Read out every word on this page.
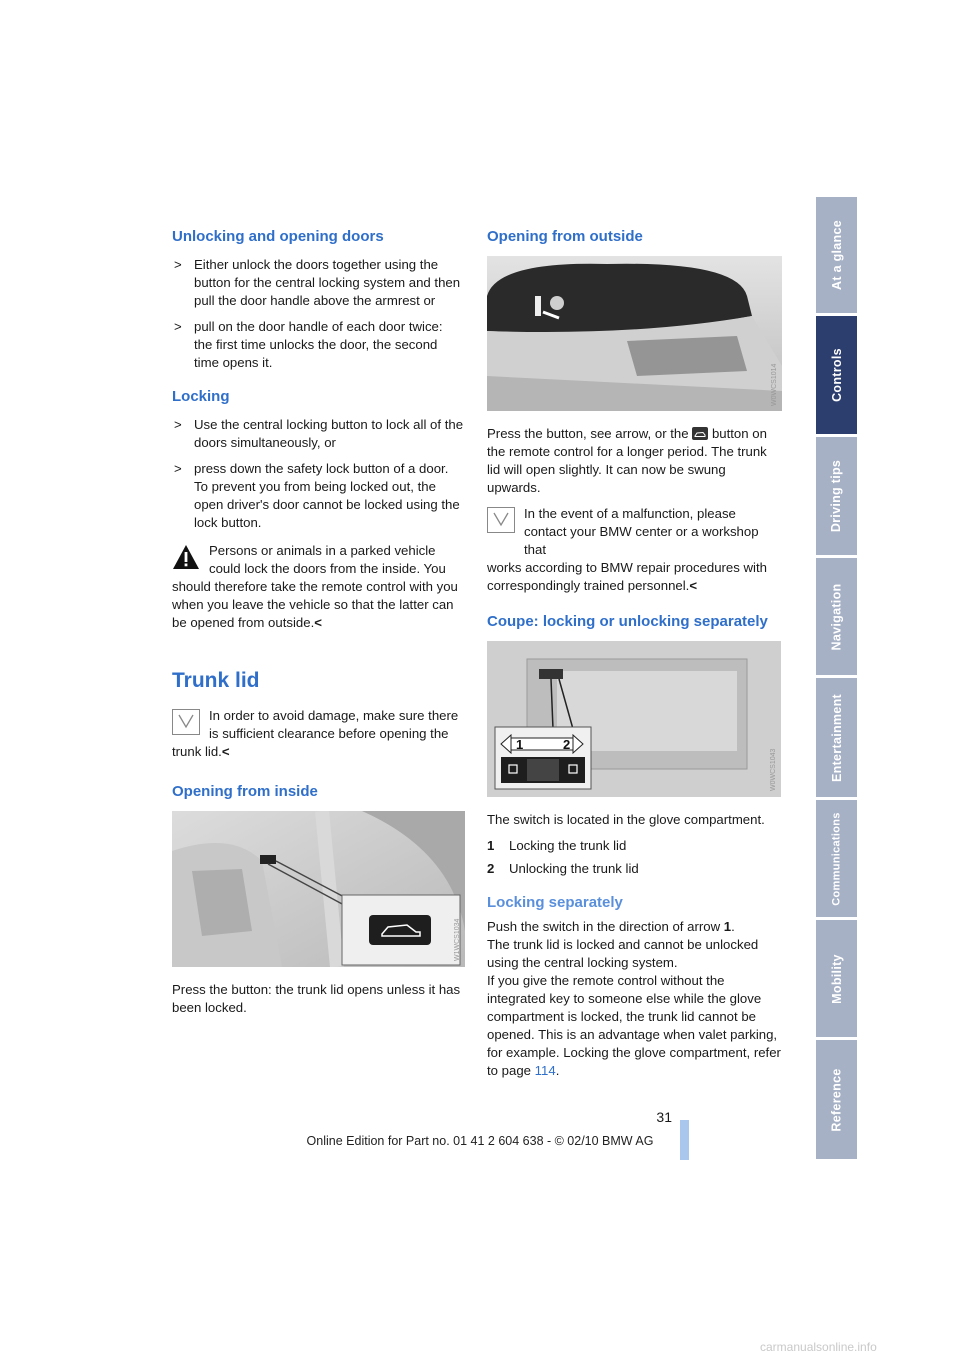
Unlocking and opening doors
> Either unlock the doors together using the button for the central locking system and then pull the door handle above the armrest or
> pull on the door handle of each door twice: the first time unlocks the door, the second time opens it.
Locking
> Use the central locking button to lock all of the doors simultaneously, or
> press down the safety lock button of a door. To prevent you from being locked out, the open driver's door cannot be locked using the lock button.

Persons or animals in a parked vehicle could lock the doors from the inside. You
should therefore take the remote control with you when you leave the vehicle so that the latter can be opened from outside.<

Trunk lid

In order to avoid damage, make sure there is sufficient clearance before opening the
trunk lid.<

Opening from inside
W1WCS1034

Press the button: the trunk lid opens unless it has been locked.

Opening from outside
W0WCS1014

Press the button, see arrow, or the button on the remote control for a longer period. The trunk lid will open slightly. It can now be swung upwards.

In the event of a malfunction, please contact your BMW center or a workshop that
works according to BMW repair procedures with correspondingly trained personnel.<

Coupe: locking or unlocking separately
1	2
W0WCS1043

The switch is located in the glove compartment.

1 Locking the trunk lid
2 Unlocking the trunk lid
Locking separately

Push the switch in the direction of arrow 1.
The trunk lid is locked and cannot be unlocked using the central locking system.
If you give the remote control without the integrated key to someone else while the glove compartment is locked, the trunk lid cannot be opened. This is an advantage when valet parking, for example. Locking the glove compartment, refer to page 114.

At a glance
Controls
Driving tips
Navigation
Entertainment
Communications
Mobility
Reference
31
Online Edition for Part no. 01 41 2 604 638 - © 02/10 BMW AG
carmanualsonline.info
